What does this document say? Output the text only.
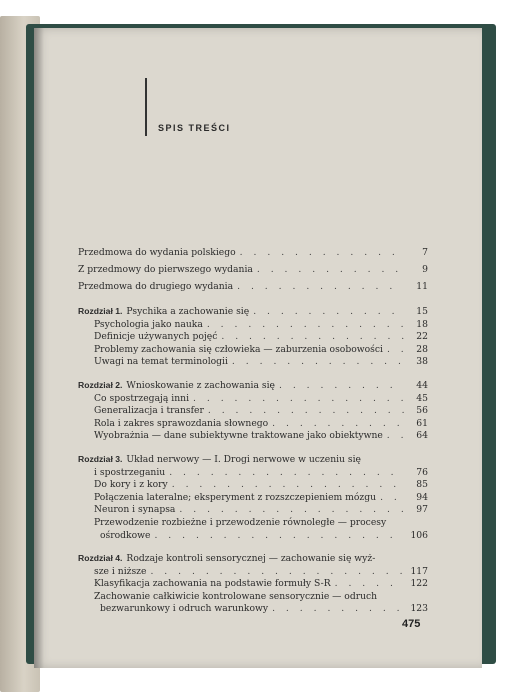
SPIS TREŚCI
Przedmowa do wydania polskiego . . .	7
Z przedmowy do pierwszego wydania . . .	9
Przedmowa do drugiego wydania . . .	11
Rozdział 1. Psychika a zachowanie się . . .	15
Psychologia jako nauka . . .	18
Definicje używanych pojęć . . .	22
Problemy zachowania się człowieka — zaburzenia osobowości . . .	28
Uwagi na temat terminologii . . .	38
Rozdział 2. Wnioskowanie z zachowania się . . .	44
Co spostrzegają inni . . .	45
Generalizacja i transfer . . .	56
Rola i zakres sprawozdania słownego . . .	61
Wyobrażnia — dane subiektywne traktowane jako obiektywne . . .	64
Rozdział 3. Układ nerwowy — I. Drogi nerwowe w uczeniu się
i spostrzeganiu . . .	76
Do kory i z kory . . .	85
Połączenia lateralne; eksperyment z rozszczepieniem mózgu . . .	94
Neuron i synapsa . . .	97
Przewodzenie rozbieżne i przewodzenie równoległe — procesy
ośrodkowe . . .	106
Rozdział 4. Rodzaje kontroli sensorycznej — zachowanie się wyż-
sze i niższe . . .	117
Klasyfikacja zachowania na podstawie formuły S-R . . .	122
Zachowanie całkiwicie kontrolowane sensorycznie — odruch
bezwarunkowy i odruch warunkowy . . .	123
475
